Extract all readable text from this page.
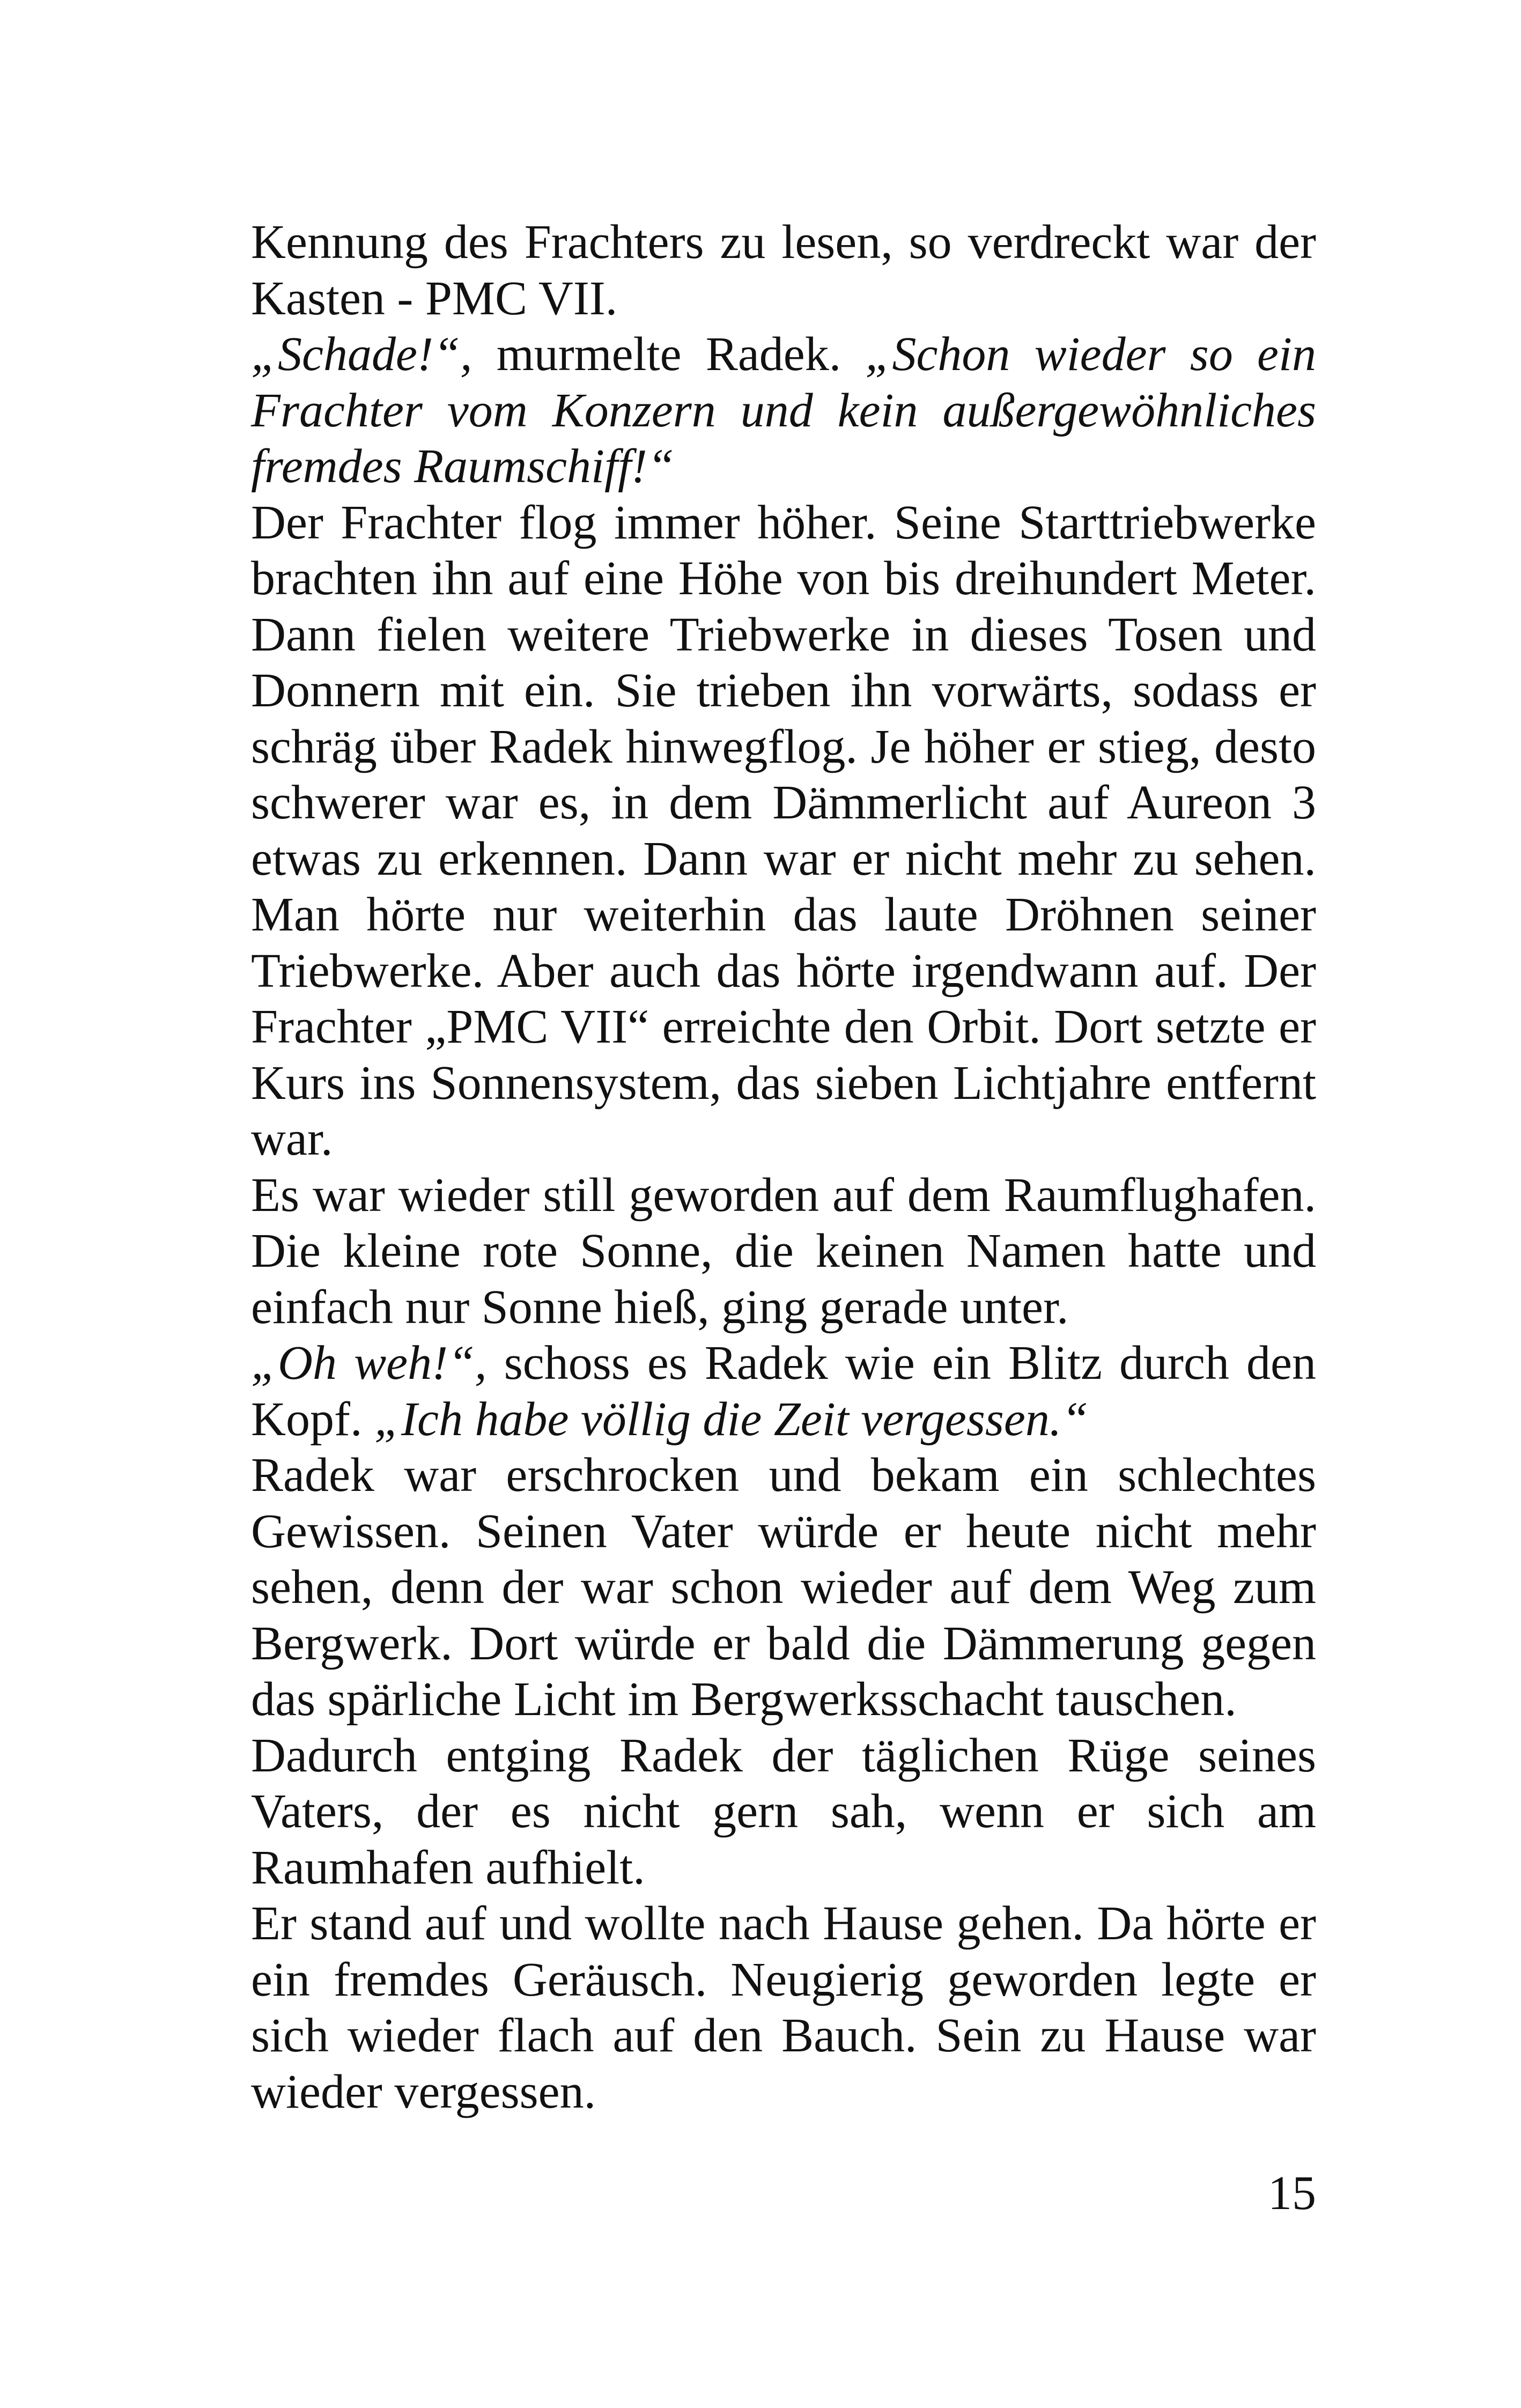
Kennung des Frachters zu lesen, so verdreckt war der Kasten - PMC VII.

„Schade!“, murmelte Radek. „Schon wieder so ein Frachter vom Konzern und kein außergewöhnliches fremdes Raumschiff!“

Der Frachter flog immer höher. Seine Starttriebwerke brachten ihn auf eine Höhe von bis dreihundert Meter. Dann fielen weitere Triebwerke in dieses Tosen und Donnern mit ein. Sie trieben ihn vorwärts, sodass er schräg über Radek hinwegflog. Je höher er stieg, desto schwerer war es, in dem Dämmerlicht auf Aureon 3 etwas zu erkennen. Dann war er nicht mehr zu sehen. Man hörte nur weiterhin das laute Dröhnen seiner Triebwerke. Aber auch das hörte irgendwann auf. Der Frachter „PMC VII“ erreichte den Orbit. Dort setzte er Kurs ins Sonnensystem, das sieben Lichtjahre entfernt war.

Es war wieder still geworden auf dem Raumflughafen. Die kleine rote Sonne, die keinen Namen hatte und einfach nur Sonne hieß, ging gerade unter.

„Oh weh!“, schoss es Radek wie ein Blitz durch den Kopf. „Ich habe völlig die Zeit vergessen.“

Radek war erschrocken und bekam ein schlechtes Gewissen. Seinen Vater würde er heute nicht mehr sehen, denn der war schon wieder auf dem Weg zum Bergwerk. Dort würde er bald die Dämmerung gegen das spärliche Licht im Bergwerksschacht tauschen.

Dadurch entging Radek der täglichen Rüge seines Vaters, der es nicht gern sah, wenn er sich am Raumhafen aufhielt.

Er stand auf und wollte nach Hause gehen. Da hörte er ein fremdes Geräusch. Neugierig geworden legte er sich wieder flach auf den Bauch. Sein zu Hause war wieder vergessen.

15
